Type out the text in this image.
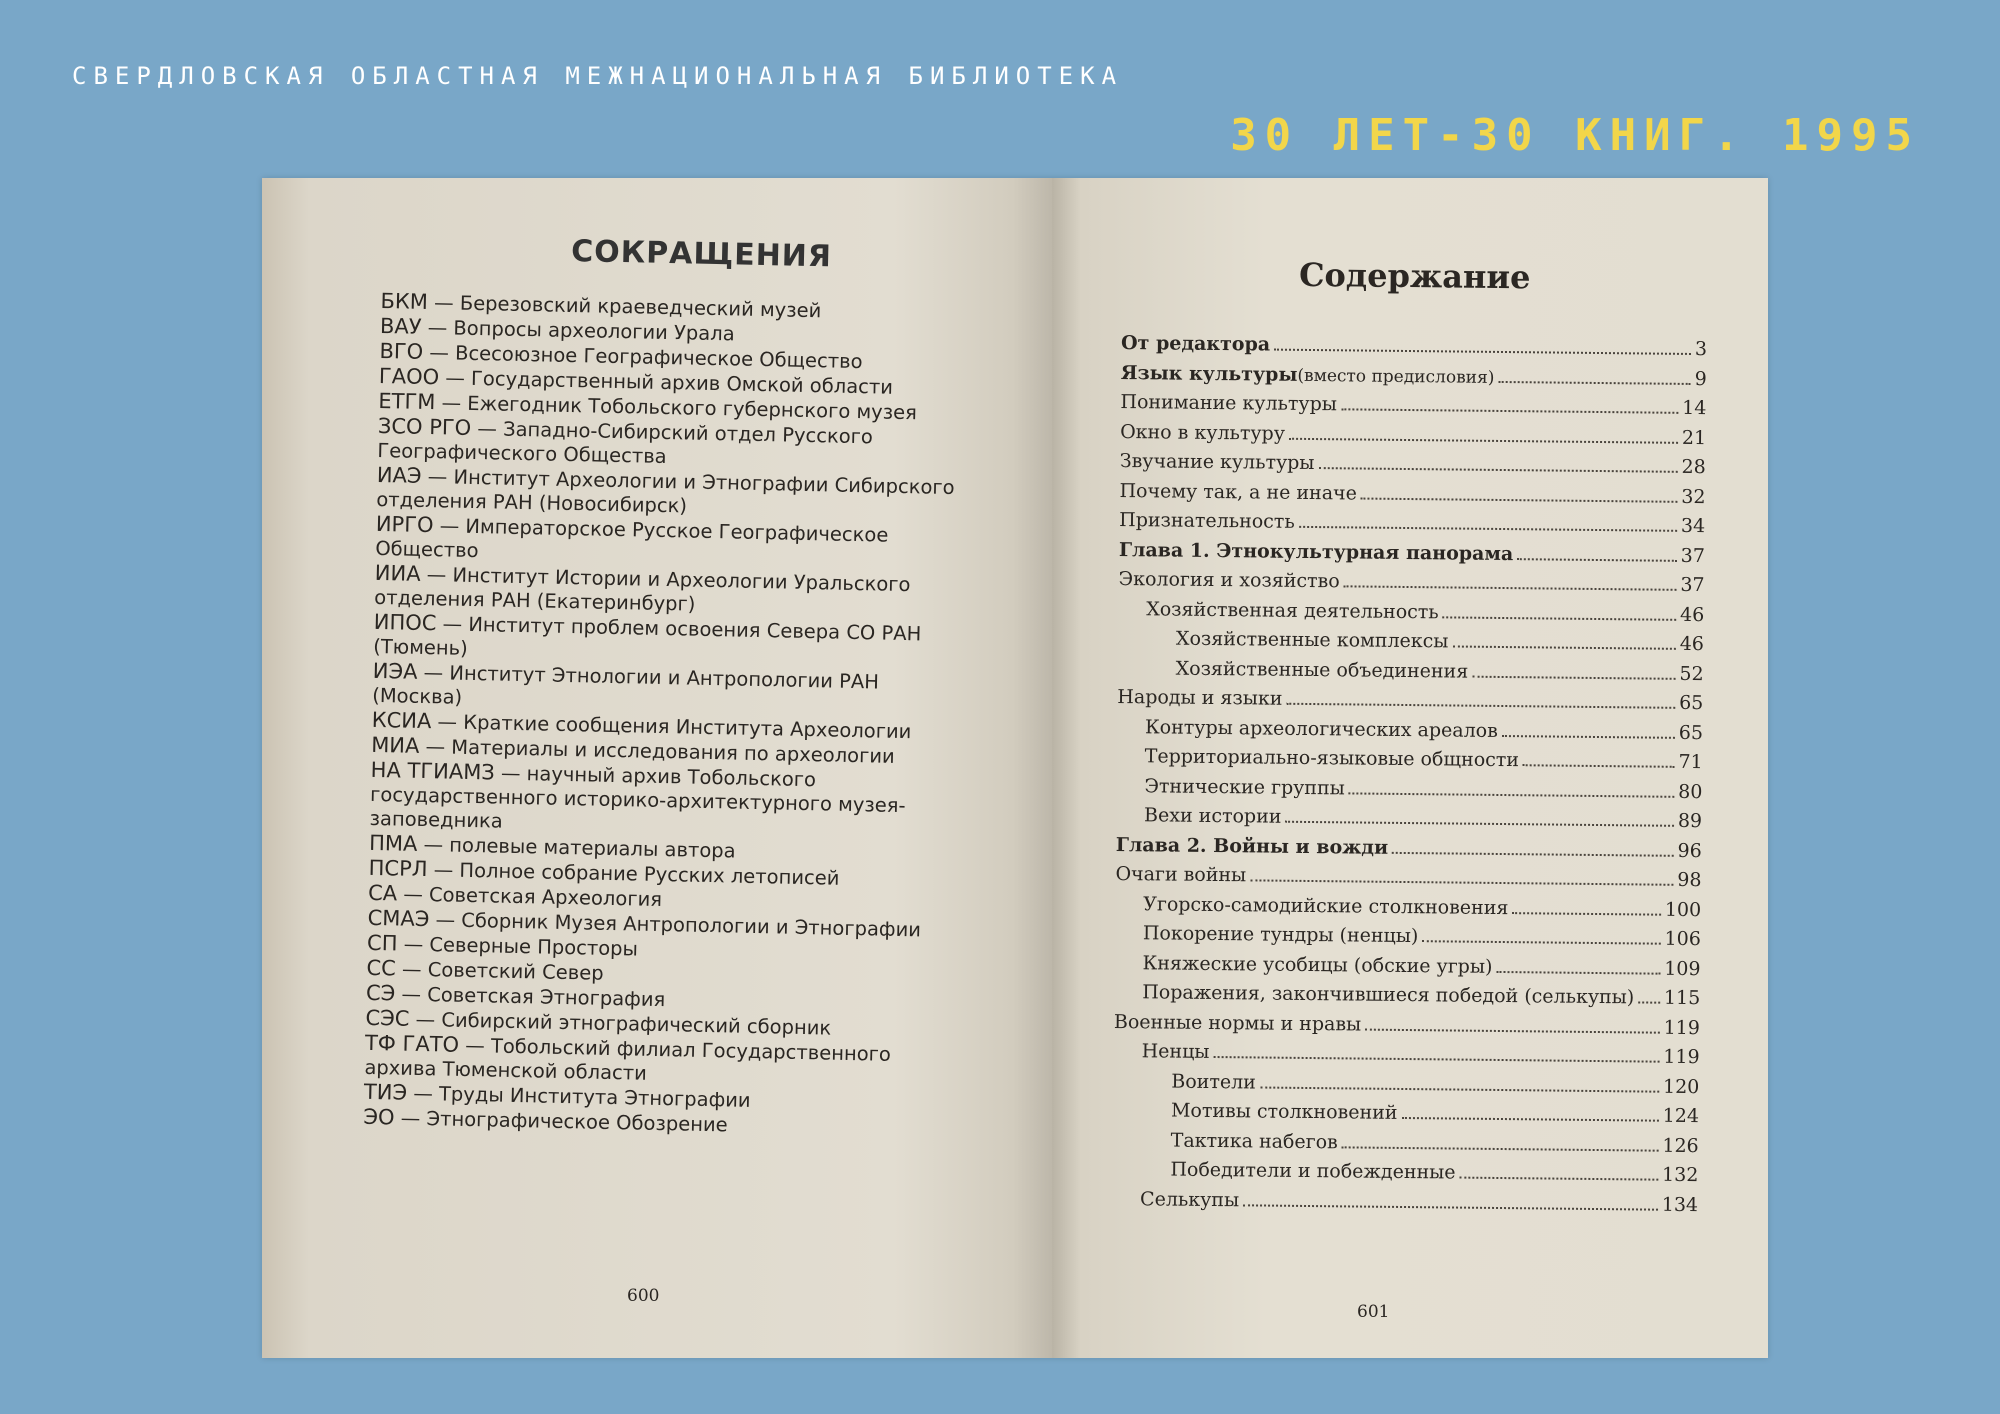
СВЕРДЛОВСКАЯ ОБЛАСТНАЯ МЕЖНАЦИОНАЛЬНАЯ БИБЛИОТЕКА
30 ЛЕТ-30 КНИГ. 1995
СОКРАЩЕНИЯ
БКМ — Березовский краеведческий музей
ВАУ — Вопросы археологии Урала
ВГО — Всесоюзное Географическое Общество
ГАОО — Государственный архив Омской области
ЕТГМ — Ежегодник Тобольского губернского музея
ЗСО РГО — Западно-Сибирский отдел Русского Географического Общества
ИАЭ — Институт Археологии и Этнографии Сибирского отделения РАН (Новосибирск)
ИРГО — Императорское Русское Географическое Общество
ИИА — Институт Истории и Археологии Уральского отделения РАН (Екатеринбург)
ИПОС — Институт проблем освоения Севера СО РАН (Тюмень)
ИЭА — Институт Этнологии и Антропологии РАН (Москва)
КСИА — Краткие сообщения Института Археологии
МИА — Материалы и исследования по археологии
НА ТГИАМЗ — научный архив Тобольского государственного историко-архитектурного музея-заповедника
ПМА — полевые материалы автора
ПСРЛ — Полное собрание Русских летописей
СА — Советская Археология
СМАЭ — Сборник Музея Антропологии и Этнографии
СП — Северные Просторы
СС — Советский Север
СЭ — Советская Этнография
СЭС — Сибирский этнографический сборник
ТФ ГАТО — Тобольский филиал Государственного архива Тюменской области
ТИЭ — Труды Института Этнографии
ЭО — Этнографическое Обозрение
600
Содержание
От редактора	3
Язык культуры (вместо предисловия)	9
Понимание культуры	14
Окно в культуру	21
Звучание культуры	28
Почему так, а не иначе	32
Признательность	34
Глава 1. Этнокультурная панорама	37
Экология и хозяйство	37
Хозяйственная деятельность	46
Хозяйственные комплексы	46
Хозяйственные объединения	52
Народы и языки	65
Контуры археологических ареалов	65
Территориально-языковые общности	71
Этнические группы	80
Вехи истории	89
Глава 2. Войны и вожди	96
Очаги войны	98
Угорско-самодийские столкновения	100
Покорение тундры (ненцы)	106
Княжеские усобицы (обские угры)	109
Поражения, закончившиеся победой (селькупы) 115
Военные нормы и нравы	119
Ненцы	119
Воители	120
Мотивы столкновений	124
Тактика набегов	126
Победители и побежденные	132
Селькупы	134
601
